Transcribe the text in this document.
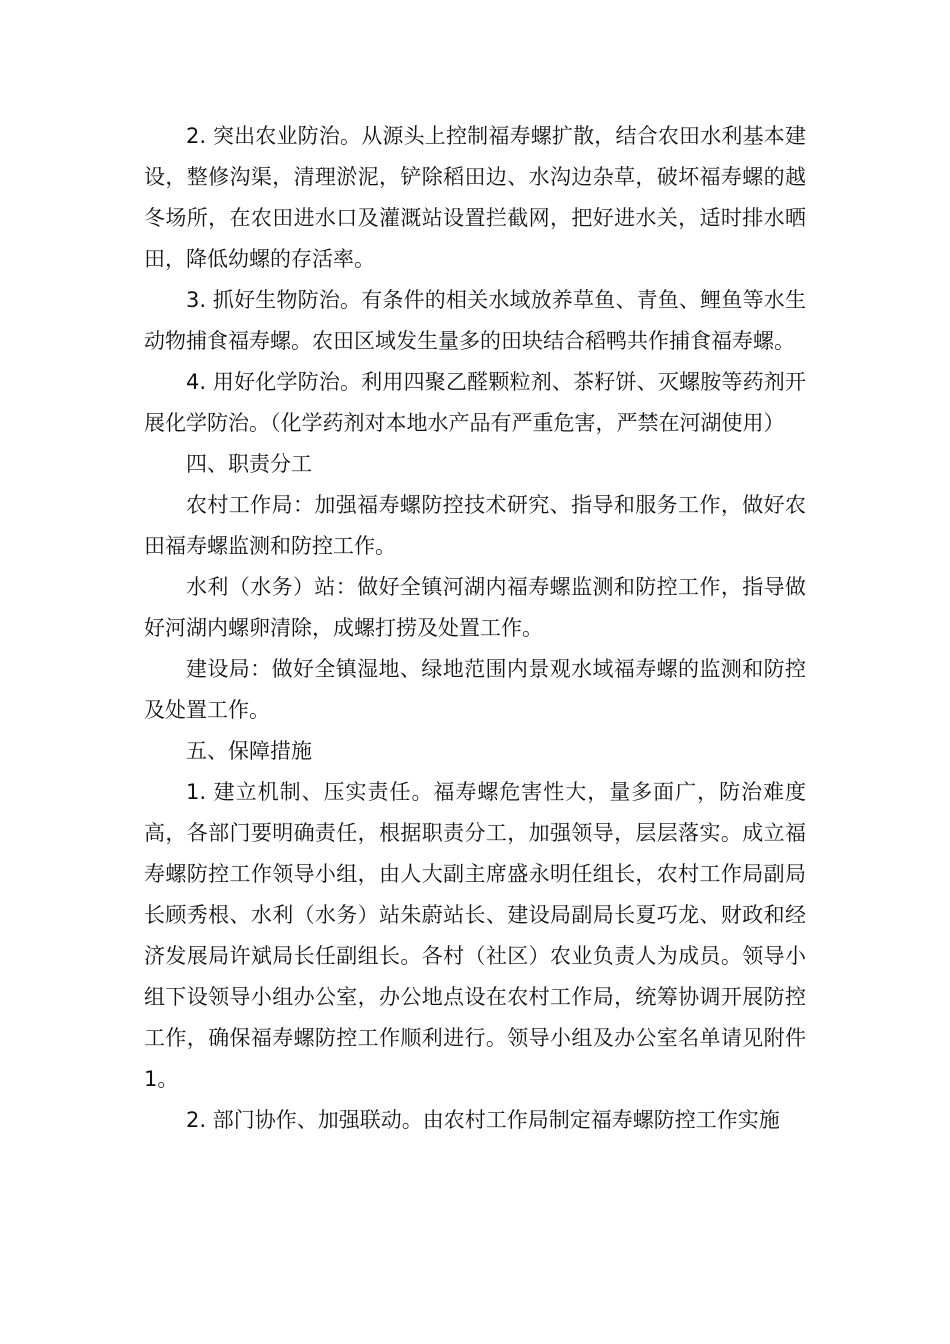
2. 突出农业防治。从源头上控制福寿螺扩散，结合农田水利基本建设，整修沟渠，清理淤泥，铲除稻田边、水沟边杂草，破坏福寿螺的越冬场所，在农田进水口及灌溉站设置拦截网，把好进水关，适时排水晒田，降低幼螺的存活率。

3. 抓好生物防治。有条件的相关水域放养草鱼、青鱼、鲤鱼等水生动物捕食福寿螺。农田区域发生量多的田块结合稻鸭共作捕食福寿螺。

4. 用好化学防治。利用四聚乙醛颗粒剂、茶籽饼、灭螺胺等药剂开展化学防治。（化学药剂对本地水产品有严重危害，严禁在河湖使用）

四、职责分工

农村工作局：加强福寿螺防控技术研究、指导和服务工作，做好农田福寿螺监测和防控工作。

水利（水务）站：做好全镇河湖内福寿螺监测和防控工作，指导做好河湖内螺卵清除，成螺打捞及处置工作。

建设局：做好全镇湿地、绿地范围内景观水域福寿螺的监测和防控及处置工作。

五、保障措施

1. 建立机制、压实责任。福寿螺危害性大，量多面广，防治难度高，各部门要明确责任，根据职责分工，加强领导，层层落实。成立福寿螺防控工作领导小组，由人大副主席盛永明任组长，农村工作局副局长顾秀根、水利（水务）站朱蔚站长、建设局副局长夏巧龙、财政和经济发展局许斌局长任副组长。各村（社区）农业负责人为成员。领导小组下设领导小组办公室，办公地点设在农村工作局，统筹协调开展防控工作，确保福寿螺防控工作顺利进行。领导小组及办公室名单请见附件 1。

2. 部门协作、加强联动。由农村工作局制定福寿螺防控工作实施
